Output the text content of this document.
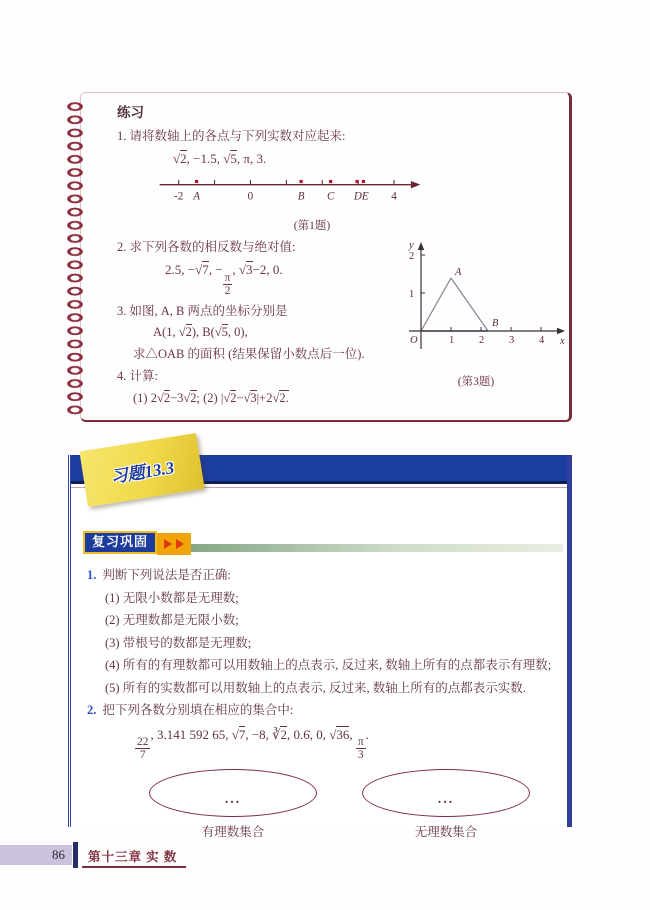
练习
1. 请将数轴上的各点与下列实数对应起来:
√2, −1.5, √5, π, 3.
-2 A	0	B C DE 4
(第1题)
2. 求下列各数的相反数与绝对值:
2.5, −√7, −
$\frac{\pi}{2}$
, √3−2, 0.
3. 如图, A, B 两点的坐标分别是
A(1, √2), B(√5, 0),
求△OAB 的面积 (结果保留小数点后一位).
4. 计算:
(1) 2√2−3√2; (2) |√2−√3|+2√2.
O	1 2 3 4
1
2
x
y
A
B
(第3题)
习题13.3
复习巩固
1. 判断下列说法是否正确:
(1) 无限小数都是无理数;
(2) 无理数都是无限小数;
(3) 带根号的数都是无理数;
(4) 所有的有理数都可以用数轴上的点表示, 反过来, 数轴上所有的点都表示有理数;
(5) 所有的实数都可以用数轴上的点表示, 反过来, 数轴上所有的点都表示实数.
2. 把下列各数分别填在相应的集合中:
$\frac{22}{7}$
, 3.141 592 65, √7, −8, ∛2, 0.6̇, 0, √36,
$\frac{\pi}{3}$
.
...	...
有理数集合	无理数集合
86 第十三章 实 数
